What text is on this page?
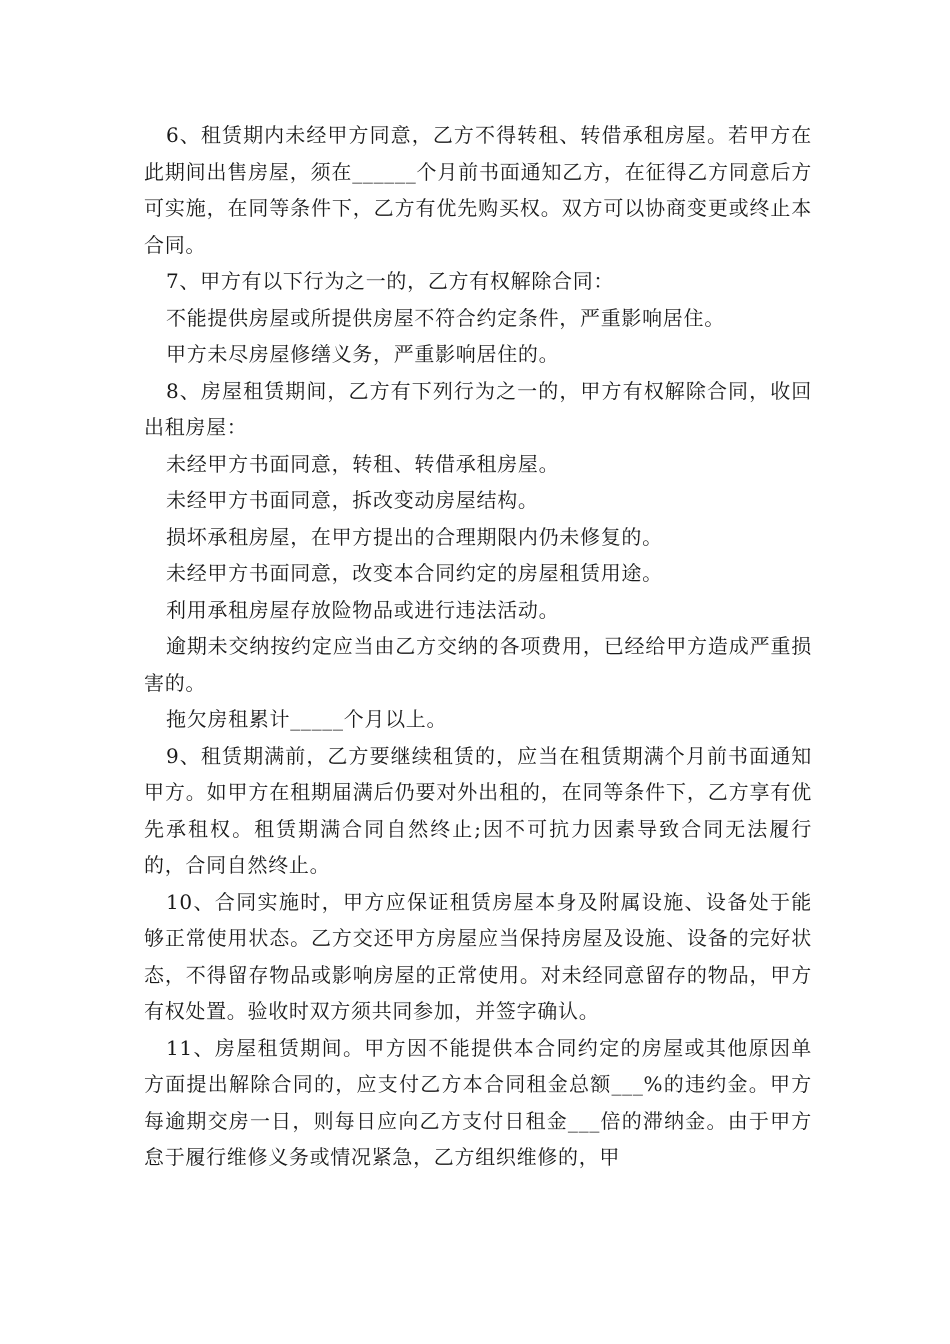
6、租赁期内未经甲方同意，乙方不得转租、转借承租房屋。若甲方在此期间出售房屋，须在______个月前书面通知乙方，在征得乙方同意后方可实施，在同等条件下，乙方有优先购买权。双方可以协商变更或终止本合同。

7、甲方有以下行为之一的，乙方有权解除合同：

不能提供房屋或所提供房屋不符合约定条件，严重影响居住。

甲方未尽房屋修缮义务，严重影响居住的。

8、房屋租赁期间，乙方有下列行为之一的，甲方有权解除合同，收回出租房屋：

未经甲方书面同意，转租、转借承租房屋。

未经甲方书面同意，拆改变动房屋结构。

损坏承租房屋，在甲方提出的合理期限内仍未修复的。

未经甲方书面同意，改变本合同约定的房屋租赁用途。

利用承租房屋存放险物品或进行违法活动。

逾期未交纳按约定应当由乙方交纳的各项费用，已经给甲方造成严重损害的。

拖欠房租累计_____个月以上。

9、租赁期满前，乙方要继续租赁的，应当在租赁期满个月前书面通知甲方。如甲方在租期届满后仍要对外出租的，在同等条件下，乙方享有优先承租权。租赁期满合同自然终止;因不可抗力因素导致合同无法履行的，合同自然终止。

10、合同实施时，甲方应保证租赁房屋本身及附属设施、设备处于能够正常使用状态。乙方交还甲方房屋应当保持房屋及设施、设备的完好状态，不得留存物品或影响房屋的正常使用。对未经同意留存的物品，甲方有权处置。验收时双方须共同参加，并签字确认。

11、房屋租赁期间。甲方因不能提供本合同约定的房屋或其他原因单方面提出解除合同的，应支付乙方本合同租金总额___%的违约金。甲方每逾期交房一日，则每日应向乙方支付日租金___倍的滞纳金。由于甲方怠于履行维修义务或情况紧急，乙方组织维修的，甲
